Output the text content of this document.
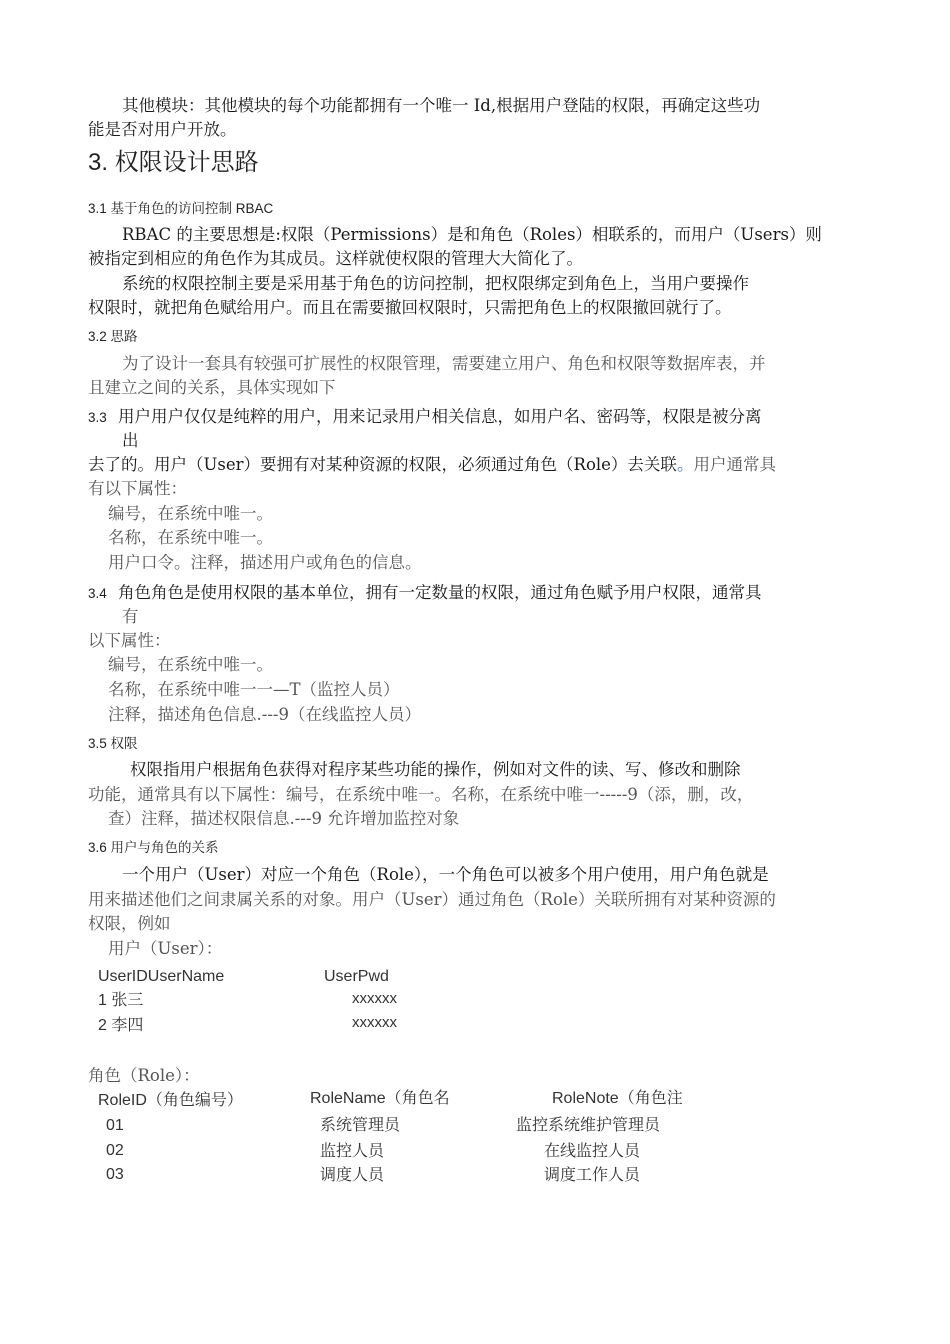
其他模块：其他模块的每个功能都拥有一个唯一 Id,根据用户登陆的权限，再确定这些功
能是否对用户开放。
3. 权限设计思路
3.1 基于角色的访问控制 RBAC
RBAC 的主要思想是:权限（Permissions）是和角色（Roles）相联系的，而用户（Users）则
被指定到相应的角色作为其成员。这样就使权限的管理大大简化了。
系统的权限控制主要是采用基于角色的访问控制，把权限绑定到角色上，当用户要操作
权限时，就把角色赋给用户。而且在需要撤回权限时，只需把角色上的权限撤回就行了。
3.2 思路
为了设计一套具有较强可扩展性的权限管理，需要建立用户、角色和权限等数据库表，并
且建立之间的关系，具体实现如下
3.3 用户用户仅仅是纯粹的用户，用来记录用户相关信息，如用户名、密码等，权限是被分离
出
去了的。用户（User）要拥有对某种资源的权限，必须通过角色（Role）去关联。用户通常具
有以下属性：
编号，在系统中唯一。
名称，在系统中唯一。
用户口令。注释，描述用户或角色的信息。
3.4 角色角色是使用权限的基本单位，拥有一定数量的权限，通过角色赋予用户权限，通常具
有
以下属性：
编号，在系统中唯一。
名称，在系统中唯一一—T（监控人员）
注释，描述角色信息.---9（在线监控人员）
3.5 权限
权限指用户根据角色获得对程序某些功能的操作，例如对文件的读、写、修改和删除
功能，通常具有以下属性：编号，在系统中唯一。名称，在系统中唯一-----9（添，删，改，
查）注释，描述权限信息.---9 允许增加监控对象
3.6 用户与角色的关系
一个用户（User）对应一个角色（Role），一个角色可以被多个用户使用，用户角色就是
用来描述他们之间隶属关系的对象。用户（User）通过角色（Role）关联所拥有对某种资源的
权限，例如
用户（User）：
UserIDUserName	UserPwd
1 张三	xxxxxx
2 李四	xxxxxx
角色（Role）：
RoleID（角色编号）	RoleName（角色名	RoleNote（角色注
01	系统管理员	监控系统维护管理员
02	监控人员	在线监控人员
03	调度人员	调度工作人员
